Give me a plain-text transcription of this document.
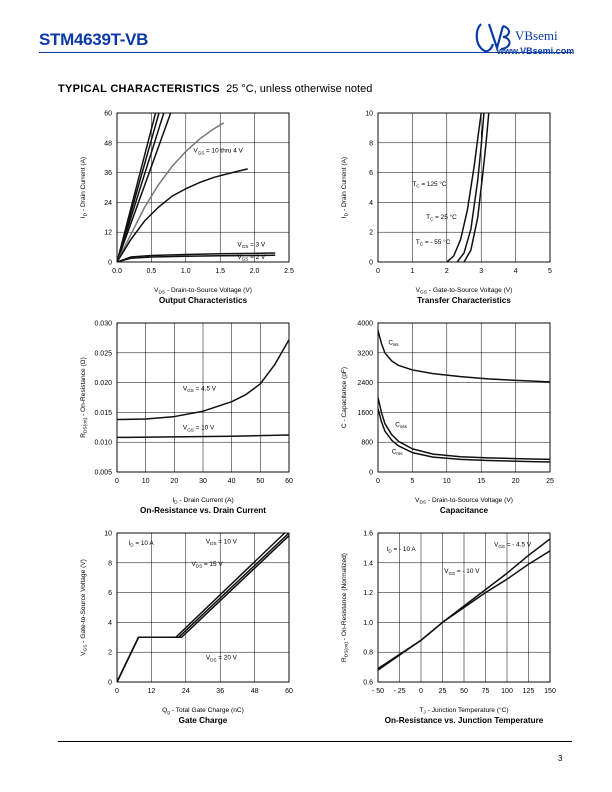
STM4639T-VB	VBsemi
www.VBsemi.com
TYPICAL CHARACTERISTICS 25 °C, unless otherwise noted
0.0	0.5	1.0	1.5	2.0	2.5
0
12
24
36
48
60
$V_{GS} = 10$ thru 4 V
$V_{GS} = 3$ V
$V_{GS} = 2$ V
$V_{DS}$ - Drain-to-Source Voltage (V)
$I_D$ - Drain Current (A)
Output Characteristics
0	1	2	3	4	5
0
2
4
6
8
10
$T_C = 125$ °C
$T_C = 25$ °C
$T_C$ = - 55 °C
$V_{GS}$ - Gate-to-Source Voltage (V)
$I_D$ - Drain Current (A)
Transfer Characteristics
0	10	20	30	40	50	60
0.005
0.010
0.015
0.020
0.025
0.030
$V_{GS} = 4.5$ V
$V_{GS} = 10$ V
$I_D$ - Drain Current (A)
$R_{DS(on)}$ - On-Resistance (Ω)
On-Resistance vs. Drain Current
0	5	10	15	20	25
0
800
1600
2400
3200
4000
$C_{iss}$
$C_{oss}$
$C_{rss}$
$V_{DS}$ - Drain-to-Source Voltage (V)
C - Capacitance (pF)
Capacitance
0	12	24	36	48	60
0
2
4
6
8
10
$I_D = 10$ A	$V_{DS} = 10$ V
$V_{DS} = 15$ V
$V_{DS} = 20$ V
$Q_g$ - Total Gate Charge (nC)
$V_{GS}$ - Gate-to-Source Voltage (V)
Gate Charge
- 50 - 25 0 25 50 75 100 125 150
0.6
0.8
1.0
1.2
1.4
1.6
$I_D$ = - 10 A
$V_{GS}$ = - 4.5 V
$V_{GS}$ = - 10 V
$T_J$ - Junction Temperature (°C)
$R_{DS(on)}$ - On-Resistance (Normalized)
On-Resistance vs. Junction Temperature
3
